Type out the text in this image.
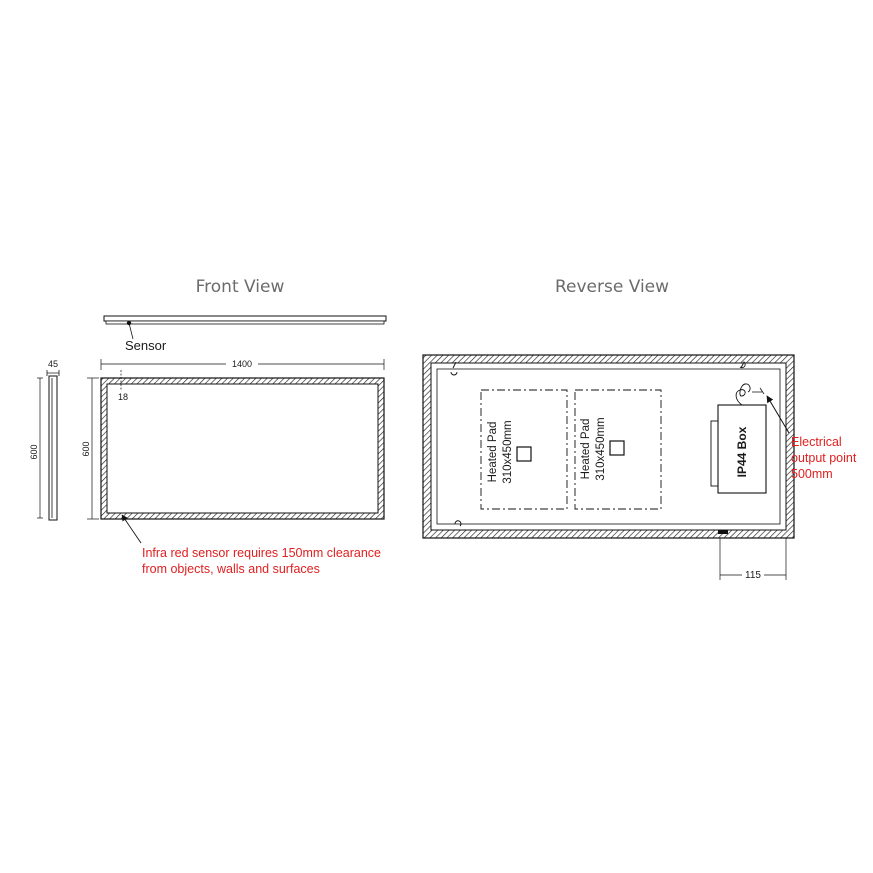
Front View
Sensor
45
600
1400
600
18
Infra red sensor requires 150mm clearance
from objects, walls and surfaces
Reverse View
Heated Pad 310x450mm	Heated Pad 310x450mm	IP44 Box	Electrical
output point
500mm
115
